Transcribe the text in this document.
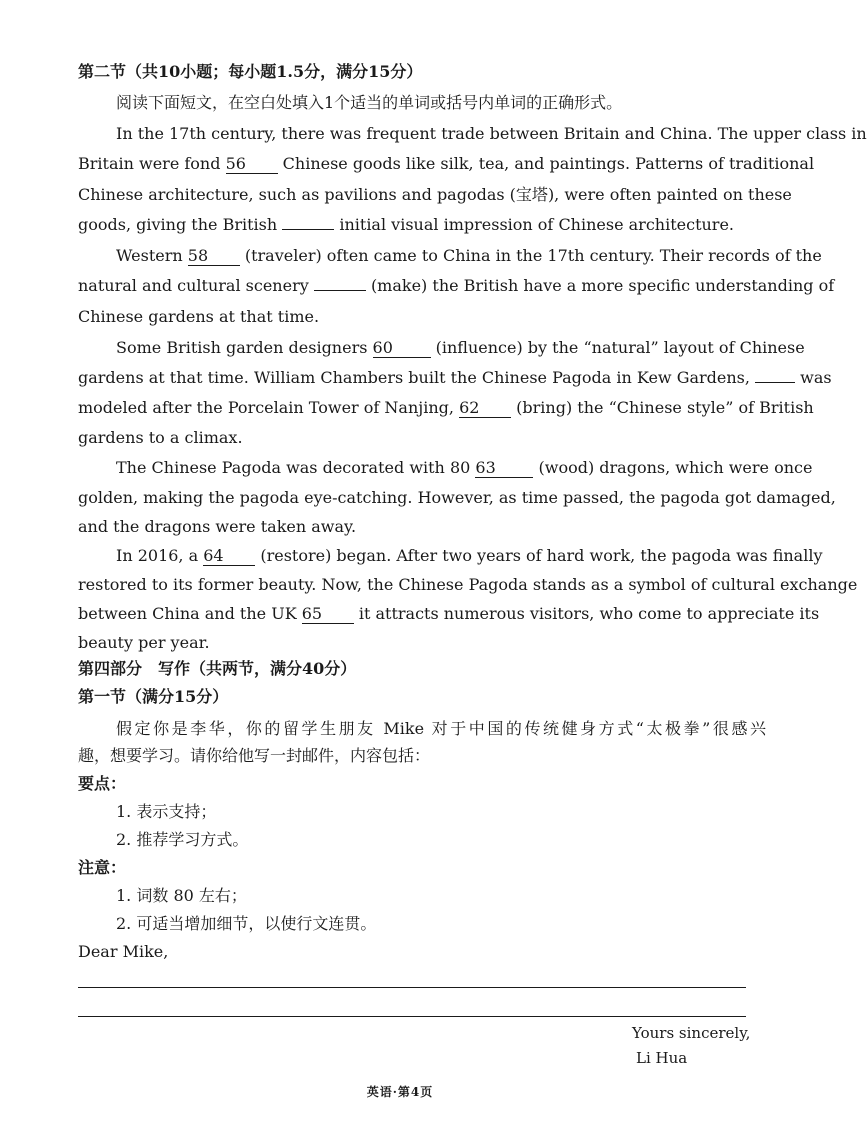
第二节（共10小题；每小题1.5分，满分15分）
阅读下面短文，在空白处填入1个适当的单词或括号内单词的正确形式。
In the 17th century, there was frequent trade between Britain and China. The upper class in
Britain were fond 56 Chinese goods like silk, tea, and paintings. Patterns of traditional
Chinese architecture, such as pavilions and pagodas (宝塔), were often painted on these
goods, giving the British	initial visual impression of Chinese architecture.
Western 58 (traveler) often came to China in the 17th century. Their records of the
natural and cultural scenery	(make) the British have a more specific understanding of
Chinese gardens at that time.
Some British garden designers 60	(influence) by the “natural” layout of Chinese
gardens at that time. William Chambers built the Chinese Pagoda in Kew Gardens,	was
modeled after the Porcelain Tower of Nanjing, 62 (bring) the “Chinese style” of British
gardens to a climax.
The Chinese Pagoda was decorated with 80 63	(wood) dragons, which were once
golden, making the pagoda eye-catching. However, as time passed, the pagoda got damaged,
and the dragons were taken away.
In 2016, a 64 (restore) began. After two years of hard work, the pagoda was finally
restored to its former beauty. Now, the Chinese Pagoda stands as a symbol of cultural exchange
between China and the UK 65 it attracts numerous visitors, who come to appreciate its
beauty per year.
第四部分　写作（共两节，满分40分）
第一节（满分15分）
假定你是李华，你的留学生朋友 Mike 对于中国的传统健身方式“太极拳”很感兴
趣，想要学习。请你给他写一封邮件，内容包括：
要点：
1. 表示支持；
2. 推荐学习方式。
注意：
1. 词数 80 左右；
2. 可适当增加细节，以使行文连贯。
Dear Mike,
Yours sincerely,
Li Hua
英语·第4页
